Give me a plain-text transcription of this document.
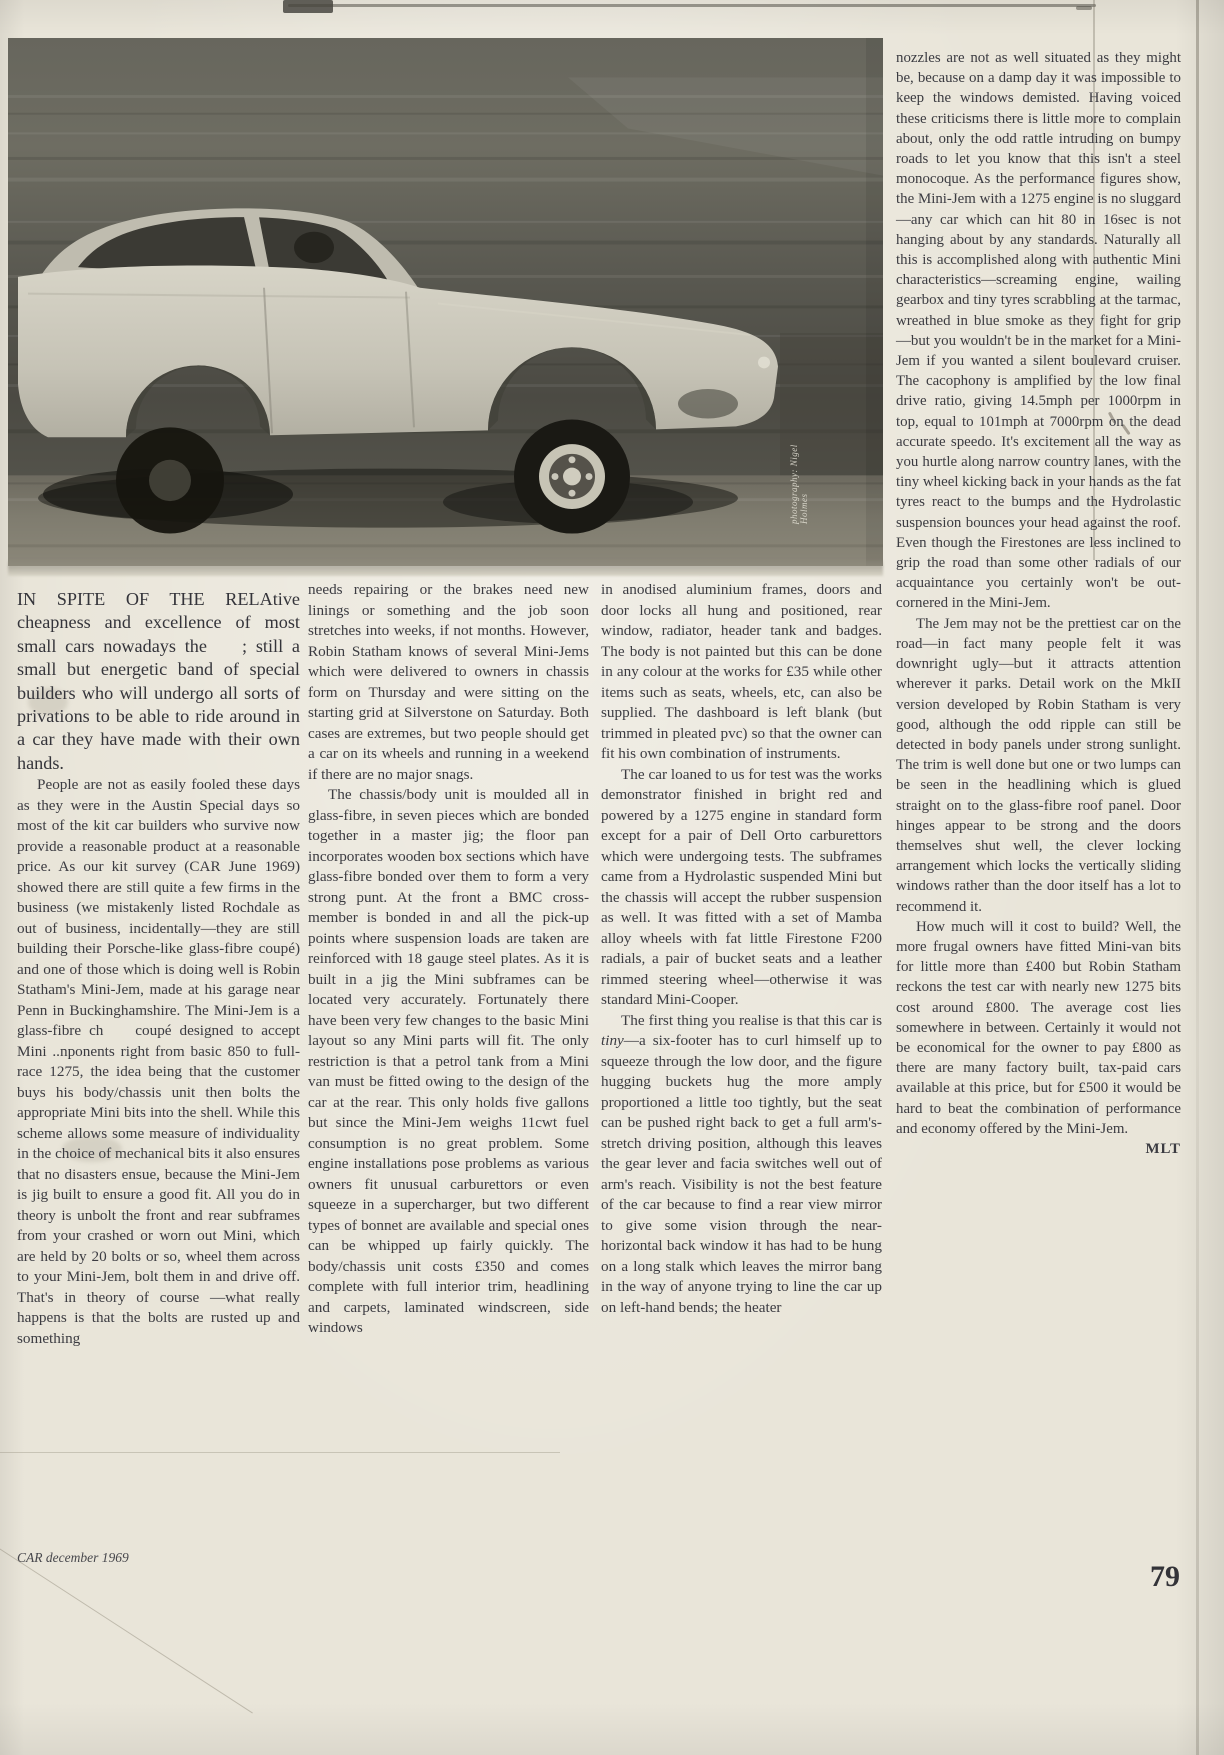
photography: Nigel Holmes

IN SPITE OF THE RELAtive cheapness and excellence of most small cars nowadays the    ; still a small but energetic band of special builders who will undergo all sorts of privations to be able to ride around in a car they have made with their own hands.

People are not as easily fooled these days as they were in the Austin Special days so most of the kit car builders who survive now provide a reasonable product at a reasonable price. As our kit survey (CAR June 1969) showed there are still quite a few firms in the business (we mistakenly listed Rochdale as out of business, incidentally—they are still building their Porsche-like glass-fibre coupé) and one of those which is doing well is Robin Statham's Mini-Jem, made at his garage near Penn in Buckinghamshire. The Mini-Jem is a glass-fibre ch    coupé designed to accept Mini ..nponents right from basic 850 to full-race 1275, the idea being that the customer buys his body/chassis unit then bolts the appropriate Mini bits into the shell. While this scheme allows some measure of individuality in the choice of mechanical bits it also ensures that no disasters ensue, because the Mini-Jem is jig built to ensure a good fit. All you do in theory is unbolt the front and rear subframes from your crashed or worn out Mini, which are held by 20 bolts or so, wheel them across to your Mini-Jem, bolt them in and drive off. That's in theory of course —what really happens is that the bolts are rusted up and something

needs repairing or the brakes need new linings or something and the job soon stretches into weeks, if not months. However, Robin Statham knows of several Mini-Jems which were delivered to owners in chassis form on Thursday and were sitting on the starting grid at Silverstone on Saturday. Both cases are extremes, but two people should get a car on its wheels and running in a weekend if there are no major snags.

The chassis/body unit is moulded all in glass-fibre, in seven pieces which are bonded together in a master jig; the floor pan incorporates wooden box sections which have glass-fibre bonded over them to form a very strong punt. At the front a BMC cross-member is bonded in and all the pick-up points where suspension loads are taken are reinforced with 18 gauge steel plates. As it is built in a jig the Mini subframes can be located very accurately. Fortunately there have been very few changes to the basic Mini layout so any Mini parts will fit. The only restriction is that a petrol tank from a Mini van must be fitted owing to the design of the car at the rear. This only holds five gallons but since the Mini-Jem weighs 11cwt fuel consumption is no great problem. Some engine installations pose problems as various owners fit unusual carburettors or even squeeze in a supercharger, but two different types of bonnet are available and special ones can be whipped up fairly quickly. The body/chassis unit costs £350 and comes complete with full interior trim, headlining and carpets, laminated windscreen, side windows

in anodised aluminium frames, doors and door locks all hung and positioned, rear window, radiator, header tank and badges. The body is not painted but this can be done in any colour at the works for £35 while other items such as seats, wheels, etc, can also be supplied. The dashboard is left blank (but trimmed in pleated pvc) so that the owner can fit his own combination of instruments.

The car loaned to us for test was the works demonstrator finished in bright red and powered by a 1275 engine in standard form except for a pair of Dell Orto carburettors which were undergoing tests. The subframes came from a Hydrolastic suspended Mini but the chassis will accept the rubber suspension as well. It was fitted with a set of Mamba alloy wheels with fat little Firestone F200 radials, a pair of bucket seats and a leather rimmed steering wheel—otherwise it was standard Mini-Cooper.

The first thing you realise is that this car is tiny—a six-footer has to curl himself up to squeeze through the low door, and the figure hugging buckets hug the more amply proportioned a little too tightly, but the seat can be pushed right back to get a full arm's-stretch driving position, although this leaves the gear lever and facia switches well out of arm's reach. Visibility is not the best feature of the car because to find a rear view mirror to give some vision through the near-horizontal back window it has had to be hung on a long stalk which leaves the mirror bang in the way of anyone trying to line the car up on left-hand bends; the heater

nozzles are not as well situated as they might be, because on a damp day it was impossible to keep the windows demisted. Having voiced these criticisms there is little more to complain about, only the odd rattle intruding on bumpy roads to let you know that this isn't a steel monocoque. As the performance figures show, the Mini-Jem with a 1275 engine is no sluggard —any car which can hit 80 in 16sec is not hanging about by any standards. Naturally all this is accomplished along with authentic Mini characteristics—screaming engine, wailing gearbox and tiny tyres scrabbling at the tarmac, wreathed in blue smoke as they fight for grip —but you wouldn't be in the market for a Mini-Jem if you wanted a silent boulevard cruiser. The cacophony is amplified by the low final drive ratio, giving 14.5mph per 1000rpm in top, equal to 101mph at 7000rpm on the dead accurate speedo. It's excitement all the way as you hurtle along narrow country lanes, with the tiny wheel kicking back in your hands as the fat tyres react to the bumps and the Hydrolastic suspension bounces your head against the roof. Even though the Firestones are less inclined to grip the road than some other radials of our acquaintance you certainly won't be out-cornered in the Mini-Jem.

The Jem may not be the prettiest car on the road—in fact many people felt it was downright ugly—but it attracts attention wherever it parks. Detail work on the MkII version developed by Robin Statham is very good, although the odd ripple can still be detected in body panels under strong sunlight. The trim is well done but one or two lumps can be seen in the headlining which is glued straight on to the glass-fibre roof panel. Door hinges appear to be strong and the doors themselves shut well, the clever locking arrangement which locks the vertically sliding windows rather than the door itself has a lot to recommend it.

How much will it cost to build? Well, the more frugal owners have fitted Mini-van bits for little more than £400 but Robin Statham reckons the test car with nearly new 1275 bits cost around £800. The average cost lies somewhere in between. Certainly it would not be economical for the owner to pay £800 as there are many factory built, tax-paid cars available at this price, but for £500 it would be hard to beat the combination of performance and economy offered by the Mini-Jem.
MLT

CAR december 1969
79
